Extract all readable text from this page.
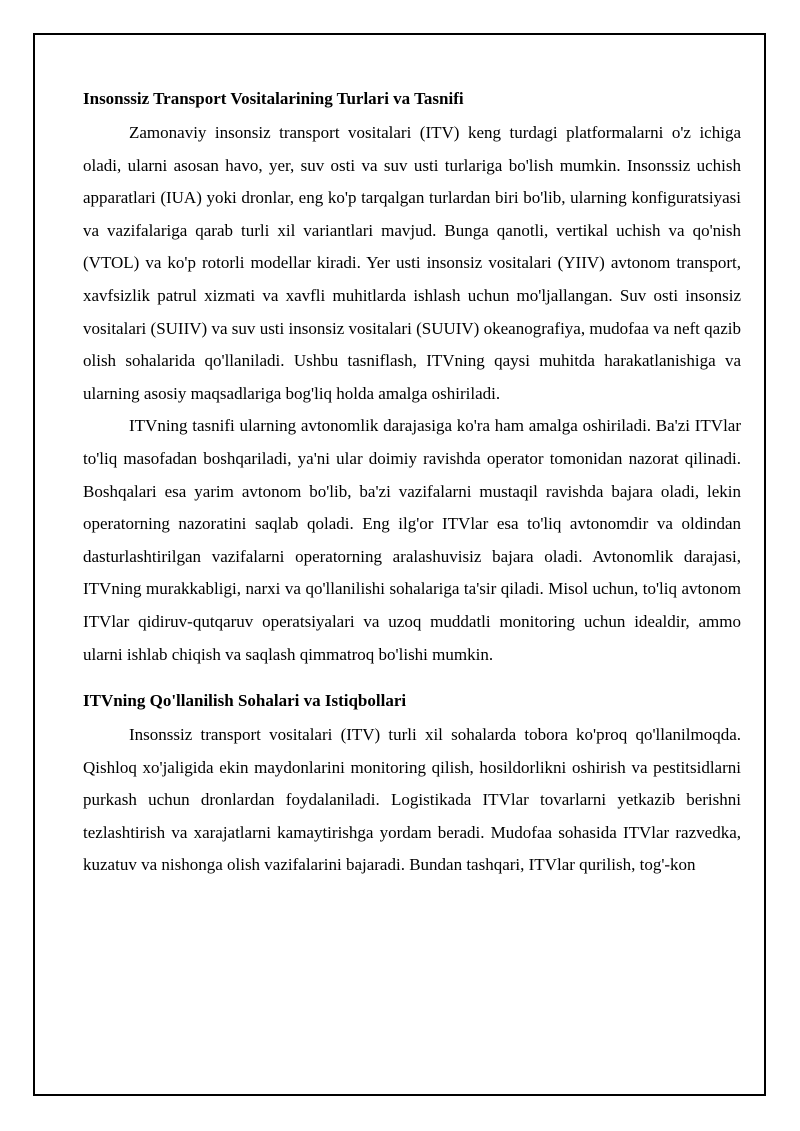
Insonssiz Transport Vositalarining Turlari va Tasnifi

Zamonaviy insonsiz transport vositalari (ITV) keng turdagi platformalarni o'z ichiga oladi, ularni asosan havo, yer, suv osti va suv usti turlariga bo'lish mumkin. Insonssiz uchish apparatlari (IUA) yoki dronlar, eng ko'p tarqalgan turlardan biri bo'lib, ularning konfiguratsiyasi va vazifalariga qarab turli xil variantlari mavjud. Bunga qanotli, vertikal uchish va qo'nish (VTOL) va ko'p rotorli modellar kiradi. Yer usti insonsiz vositalari (YIIV) avtonom transport, xavfsizlik patrul xizmati va xavfli muhitlarda ishlash uchun mo'ljallangan. Suv osti insonsiz vositalari (SUIIV) va suv usti insonsiz vositalari (SUUIV) okeanografiya, mudofaa va neft qazib olish sohalarida qo'llaniladi. Ushbu tasniflash, ITVning qaysi muhitda harakatlanishiga va ularning asosiy maqsadlariga bog'liq holda amalga oshiriladi.

ITVning tasnifi ularning avtonomlik darajasiga ko'ra ham amalga oshiriladi. Ba'zi ITVlar to'liq masofadan boshqariladi, ya'ni ular doimiy ravishda operator tomonidan nazorat qilinadi. Boshqalari esa yarim avtonom bo'lib, ba'zi vazifalarni mustaqil ravishda bajara oladi, lekin operatorning nazoratini saqlab qoladi. Eng ilg'or ITVlar esa to'liq avtonomdir va oldindan dasturlashtirilgan vazifalarni operatorning aralashuvisiz bajara oladi. Avtonomlik darajasi, ITVning murakkabligi, narxi va qo'llanilishi sohalariga ta'sir qiladi. Misol uchun, to'liq avtonom ITVlar qidiruv-qutqaruv operatsiyalari va uzoq muddatli monitoring uchun idealdir, ammo ularni ishlab chiqish va saqlash qimmatroq bo'lishi mumkin.

ITVning Qo'llanilish Sohalari va Istiqbollari

Insonssiz transport vositalari (ITV) turli xil sohalarda tobora ko'proq qo'llanilmoqda. Qishloq xo'jaligida ekin maydonlarini monitoring qilish, hosildorlikni oshirish va pestitsidlarni purkash uchun dronlardan foydalaniladi. Logistikada ITVlar tovarlarni yetkazib berishni tezlashtirish va xarajatlarni kamaytirishga yordam beradi. Mudofaa sohasida ITVlar razvedka, kuzatuv va nishonga olish vazifalarini bajaradi. Bundan tashqari, ITVlar qurilish, tog'-kon
